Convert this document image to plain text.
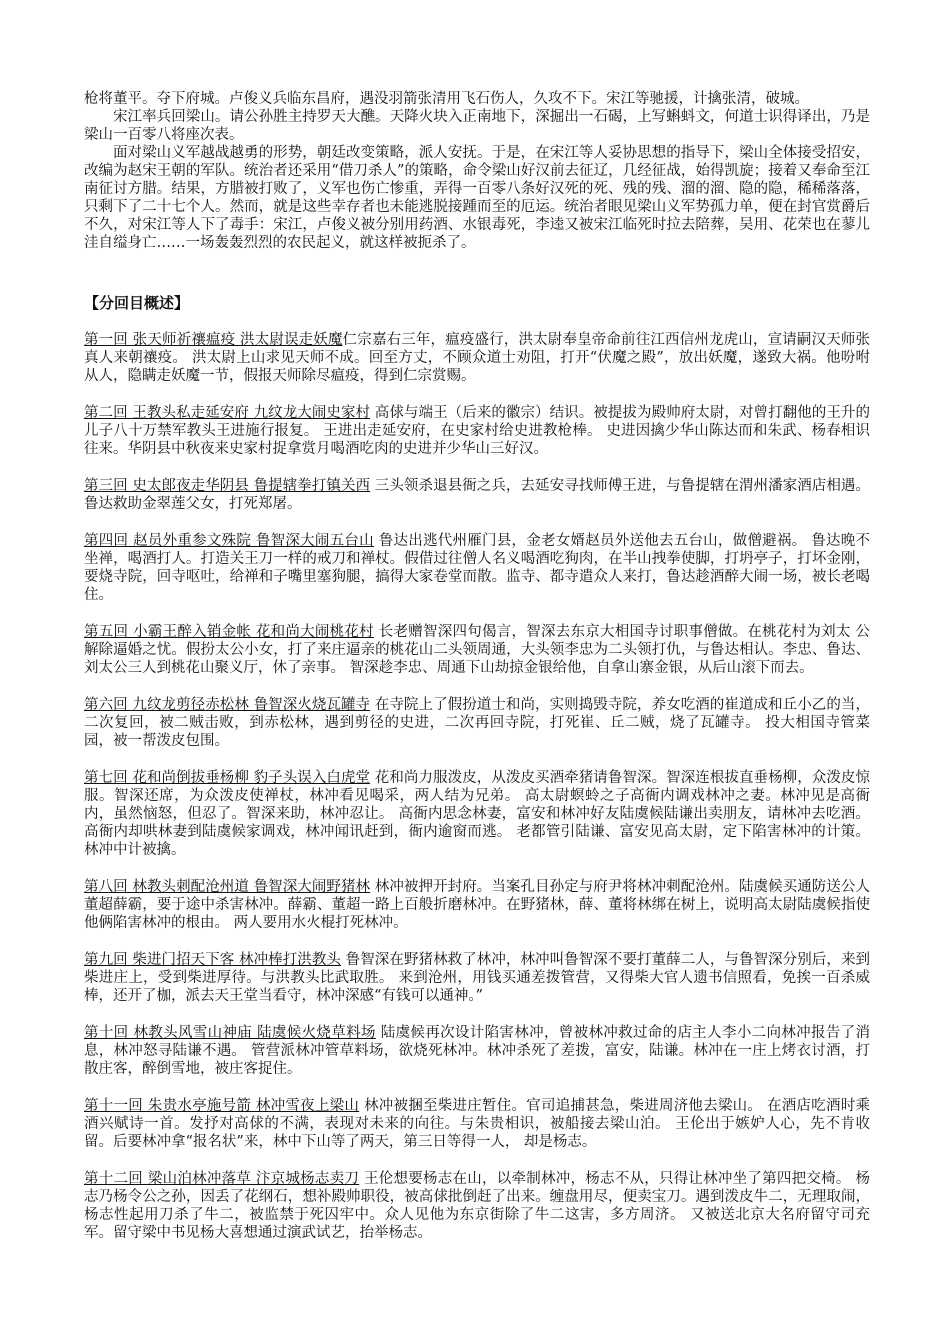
枪将董平。夺下府城。卢俊义兵临东昌府，遇没羽箭张清用飞石伤人，久攻不下。宋江等驰援，计擒张清，破城。

宋江率兵回梁山。请公孙胜主持罗天大醮。天降火块入正南地下，深掘出一石碣，上写蝌蚪文，何道士识得译出，乃是梁山一百零八将座次表。

面对梁山义军越战越勇的形势，朝廷改变策略，派人安抚。于是，在宋江等人妥协思想的指导下，梁山全体接受招安，改编为赵宋王朝的军队。统治者还采用“借刀杀人”的策略，命令梁山好汉前去征辽，几经征战，始得凯旋；接着又奉命至江南征讨方腊。结果，方腊被打败了，义军也伤亡惨重，弄得一百零八条好汉死的死、残的残、溜的溜、隐的隐，稀稀落落，只剩下了二十七个人。然而，就是这些幸存者也未能逃脱接踵而至的厄运。统治者眼见梁山义军势孤力单，便在封官赏爵后不久，对宋江等人下了毒手：宋江，卢俊义被分别用药酒、水银毒死，李逵又被宋江临死时拉去陪葬，吴用、花荣也在蓼儿洼自缢身亡……一场轰轰烈烈的农民起义，就这样被扼杀了。

【分回目概述】

第一回 张天师祈禳瘟疫 洪太尉误走妖魔仁宗嘉右三年，瘟疫盛行，洪太尉奉皇帝命前往江西信州龙虎山，宣请嗣汉天师张真人来朝禳疫。 洪太尉上山求见天师不成。回至方丈，不顾众道士劝阻，打开“伏魔之殿”，放出妖魔，遂致大祸。他吩咐从人，隐瞒走妖魔一节，假报天师除尽瘟疫，得到仁宗赏赐。

第二回 王教头私走延安府 九纹龙大闹史家村 高俅与端王（后来的徽宗）结识。被提拔为殿帅府太尉，对曾打翻他的王升的儿子八十万禁军教头王进施行报复。 王进出走延安府，在史家村给史进教枪棒。 史进因擒少华山陈达而和朱武、杨春相识往来。华阴县中秋夜来史家村捉拿赏月喝酒吃肉的史进并少华山三好汉。

第三回 史太郎夜走华阴县 鲁提辖拳打镇关西 三头领杀退县衙之兵，去延安寻找师傅王进，与鲁提辖在渭州潘家酒店相遇。鲁达救助金翠莲父女，打死郑屠。

第四回 赵员外重参文殊院 鲁智深大闹五台山 鲁达出逃代州雁门县，金老女婿赵员外送他去五台山，做僧避祸。 鲁达晚不坐禅，喝酒打人。打造关王刀一样的戒刀和禅杖。假借过往僧人名义喝酒吃狗肉，在半山拽拳使脚，打坍亭子，打坏金刚，要烧寺院，回寺呕吐，给禅和子嘴里塞狗腿，搞得大家卷堂而散。监寺、都寺遣众人来打，鲁达趁酒醉大闹一场，被长老喝住。

第五回 小霸王醉入销金帐 花和尚大闹桃花村 长老赠智深四句偈言，智深去东京大相国寺讨职事僧做。在桃花村为刘太 公解除逼婚之忧。假扮太公小女，打了来庄逼亲的桃花山二头领周通，大头领李忠为二头领打仇，与鲁达相认。李忠、鲁达、刘太公三人到桃花山聚义厅，休了亲事。 智深趁李忠、周通下山劫掠金银给他，自拿山寨金银，从后山滚下而去。

第六回 九纹龙剪径赤松林 鲁智深火烧瓦罐寺 在寺院上了假扮道士和尚，实则捣毁寺院，养女吃酒的崔道成和丘小乙的当，二次复回，被二贼击败，到赤松林，遇到剪径的史进，二次再回寺院，打死崔、丘二贼，烧了瓦罐寺。 投大相国寺管菜园，被一帮泼皮包围。

第七回 花和尚倒拔垂杨柳 豹子头误入白虎堂 花和尚力服泼皮，从泼皮买酒牵猪请鲁智深。智深连根拔直垂杨柳，众泼皮惊服。智深还席，为众泼皮使禅杖，林冲看见喝采，两人结为兄弟。 高太尉螟蛉之子高衙内调戏林冲之妻。林冲见是高衙内，虽然恼怒，但忍了。智深来助，林冲忍让。 高衙内思念林妻，富安和林冲好友陆虞候陆谦出卖朋友，请林冲去吃酒。高衙内却哄林妻到陆虞候家调戏，林冲闻讯赶到，衙内逾窗而逃。 老都管引陆谦、富安见高太尉，定下陷害林冲的计策。 林冲中计被擒。

第八回 林教头刺配沧州道 鲁智深大闹野猪林 林冲被押开封府。当案孔目孙定与府尹将林冲刺配沧州。陆虞候买通防送公人董超薛霸，要于途中杀害林冲。薛霸、董超一路上百般折磨林冲。在野猪林，薛、董将林绑在树上，说明高太尉陆虞候指使他俩陷害林冲的根由。 两人要用水火棍打死林冲。

第九回 柴进门招天下客 林冲棒打洪教头 鲁智深在野猪林救了林冲，林冲叫鲁智深不要打董薛二人，与鲁智深分别后，来到柴进庄上，受到柴进厚待。与洪教头比武取胜。 来到沧州，用钱买通差拨管营，又得柴大官人遗书信照看，免挨一百杀威棒，还开了枷，派去天王堂当看守，林冲深感“有钱可以通神。”

第十回 林教头风雪山神庙 陆虞候火烧草料场 陆虞候再次设计陷害林冲，曾被林冲救过命的店主人李小二向林冲报告了消息，林冲怒寻陆谦不遇。 管营派林冲管草料场，欲烧死林冲。林冲杀死了差拨，富安，陆谦。林冲在一庄上烤衣讨酒，打散庄客，醉倒雪地，被庄客捉住。

第十一回 朱贵水亭施号箭 林冲雪夜上梁山 林冲被捆至柴进庄暂住。官司追捕甚急，柴进周济他去梁山。 在酒店吃酒时乘酒兴赋诗一首。发抒对高俅的不满，表现对未来的向往。与朱贵相识，被船接去梁山泊。 王伦出于嫉妒人心，先不肯收留。后要林冲拿“报名状”来，林中下山等了两天，第三日等得一人， 却是杨志。

第十二回 梁山泊林冲落草 汴京城杨志卖刀 王伦想要杨志在山，以牵制林冲，杨志不从，只得让林冲坐了第四把交椅。 杨志乃杨令公之孙，因丢了花纲石，想补殿帅职役，被高俅批倒赶了出来。缠盘用尽，便卖宝刀。遇到泼皮牛二，无理取闹，杨志性起用刀杀了牛二，被监禁于死囚牢中。众人见他为东京街除了牛二这害，多方周济。 又被送北京大名府留守司充军。留守梁中书见杨大喜想通过演武试艺，抬举杨志。
